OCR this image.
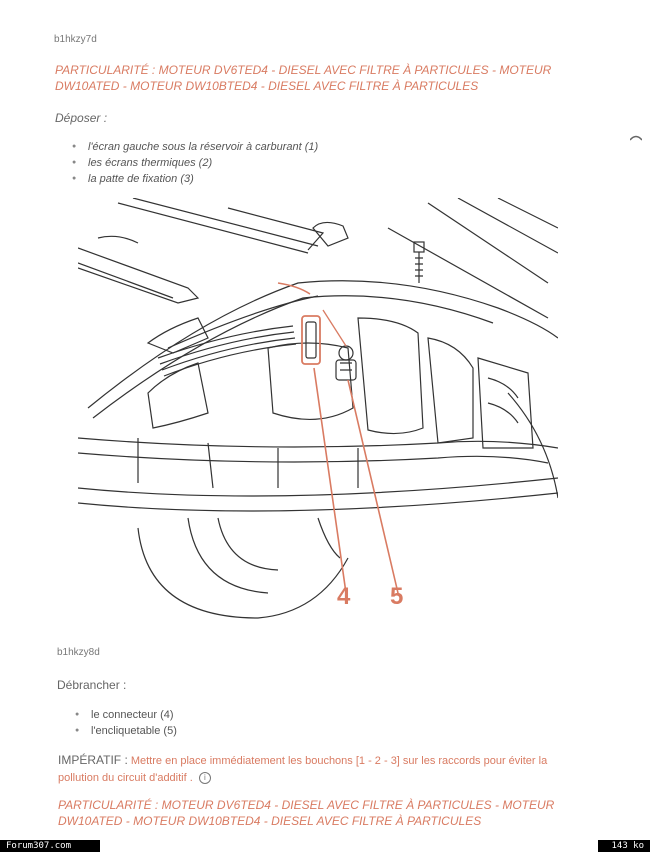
b1hkzy7d
PARTICULARITÉ : MOTEUR DV6TED4 - DIESEL AVEC FILTRE À PARTICULES - MOTEUR
DW10ATED - MOTEUR DW10BTED4 - DIESEL AVEC FILTRE À PARTICULES
Déposer :
● l'écran gauche sous la réservoir à carburant (1)
● les écrans thermiques (2)
● la patte de fixation (3)
4 5
b1hkzy8d
Débrancher :
● le connecteur (4)
● l'encliquetable (5)
IMPÉRATIF : Mettre en place immédiatement les bouchons [1 - 2 - 3] sur les raccords pour éviter la
pollution du circuit d'additif . i
PARTICULARITÉ : MOTEUR DV6TED4 - DIESEL AVEC FILTRE À PARTICULES - MOTEUR
DW10ATED - MOTEUR DW10BTED4 - DIESEL AVEC FILTRE À PARTICULES
Forum307.com	143 ko
